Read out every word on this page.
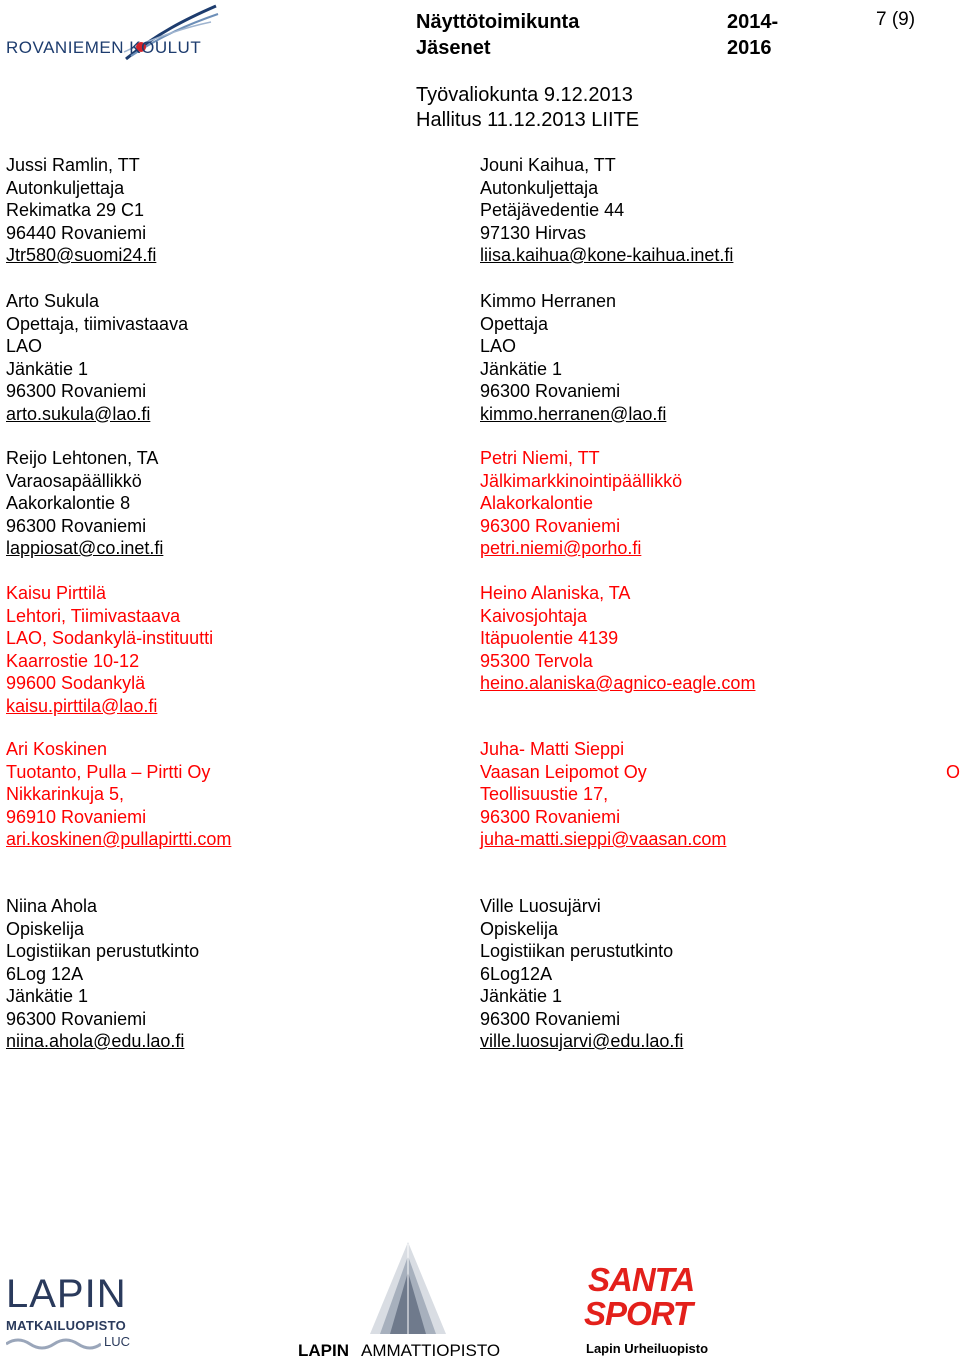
ROVANIEMEN KOULUT
Näyttötoimikunta
Jäsenet
2014-
2016
7 (9)
Työvaliokunta 9.12.2013
Hallitus 11.12.2013 LIITE
Jussi Ramlin, TT
Autonkuljettaja
Rekimatka 29 C1
96440 Rovaniemi
Jtr580@suomi24.fi
Arto Sukula
Opettaja, tiimivastaava
LAO
Jänkätie 1
96300 Rovaniemi
arto.sukula@lao.fi
Reijo Lehtonen, TA
Varaosapäällikkö
Aakorkalontie 8
96300 Rovaniemi
lappiosat@co.inet.fi
Kaisu Pirttilä
Lehtori, Tiimivastaava
LAO, Sodankylä-instituutti
Kaarrostie 10-12
99600 Sodankylä
kaisu.pirttila@lao.fi
Ari Koskinen
Tuotanto, Pulla – Pirtti Oy
Nikkarinkuja 5,
96910 Rovaniemi
ari.koskinen@pullapirtti.com
Niina Ahola
Opiskelija
Logistiikan perustutkinto
6Log 12A
Jänkätie 1
96300 Rovaniemi
niina.ahola@edu.lao.fi
Jouni Kaihua, TT
Autonkuljettaja
Petäjävedentie 44
97130 Hirvas
liisa.kaihua@kone-kaihua.inet.fi
Kimmo Herranen
Opettaja
LAO
Jänkätie 1
96300 Rovaniemi
kimmo.herranen@lao.fi
Petri Niemi, TT
Jälkimarkkinointipäällikkö
Alakorkalontie
96300 Rovaniemi
petri.niemi@porho.fi
Heino Alaniska, TA
Kaivosjohtaja
Itäpuolentie 4139
95300 Tervola
heino.alaniska@agnico-eagle.com
Juha- Matti Sieppi
Vaasan Leipomot Oy
Teollisuustie 17,
96300 Rovaniemi
juha-matti.sieppi@vaasan.com
Ville Luosujärvi
Opiskelija
Logistiikan perustutkinto
6Log12A
Jänkätie 1
96300 Rovaniemi
ville.luosujarvi@edu.lao.fi
O
LAPIN
MATKAILUOPISTO
LUC	LAPIN AMMATTIOPISTO
SANTA
SPORT
Lapin Urheiluopisto
